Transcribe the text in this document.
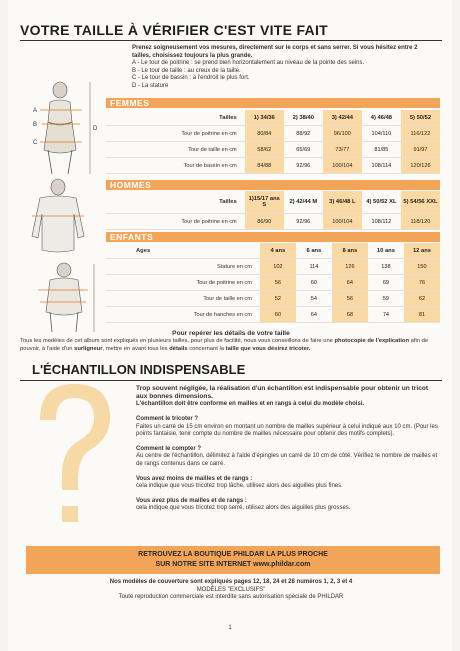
VOTRE TAILLE À VÉRIFIER C'EST VITE FAIT
Prenez soigneusement vos mesures, directement sur le corps et sans serrer. Si vous hésitez entre 2 tailles, choisissez toujours la plus grande.
A - Le tour de poitrine : se prend bien horizontalement au niveau de la pointe des seins.
B - Le tour de taille : au creux de la taille.
C - Le tour de bassin : à l'endroit le plus fort.
D - La stature
A
B
C
D
FEMMES
Tailles	1) 34/36	2) 38/40	3) 42/44	4) 46/48	5) 50/52
Tour de poitrine en cm	80/84	88/92	96/100	104/110	116/122
Tour de taille en cm	58/62	65/69	73/77	81/85	91/97
Tour de bassin en cm	84/88	92/96	100/104	108/114	120/126
HOMMES
Tailles	1)15/17 ans S	2) 42/44 M	3) 46/48 L	4) 50/52 XL	5) 54/56 XXL
Tour de poitrine en cm	86/90	92/96	100/104	108/112	118/120
ENFANTS
Ages	4 ans	6 ans	8 ans	10 ans	12 ans
Stature en cm	102	114	126	138	150
Tour de poitrine en cm	56	60	64	69	76
Tour de taille en cm	52	54	56	59	62
Tour de hanches en cm	60	64	68	74	81
Pour repérer les détails de votre taille
Tous les modèles de cet album sont expliqués en plusieurs tailles, pour plus de facilité, nous vous conseillons de faire une photocopie de l'explication afin de pouvoir, à l'aide d'un surligneur, mettre en avant tous les détails concernant la taille que vous désirez tricoter.
L'ÉCHANTILLON INDISPENSABLE
Trop souvent négligée, la réalisation d'un échantillon est indispensable pour obtenir un tricot aux bonnes dimensions.
L'échantillon doit être conforme en mailles et en rangs à celui du modèle choisi.
Comment le tricoter ?
Faites un carré de 15 cm environ en montant un nombre de mailles supérieur à celui indiqué aux 10 cm. (Pour les points fantaisie, tenir compte du nombre de mailles nécessaire pour obtenir des motifs complets).
Comment le compter ?
Au centre de l'échantillon, délimitez à l'aide d'épingles un carré de 10 cm de côté. Vérifiez le nombre de mailles et de rangs contenus dans ce carré.
Vous avez moins de mailles et de rangs :
cela indique que vous tricotez trop lâche, utilisez alors des aiguilles plus fines.
Vous avez plus de mailles et de rangs :
cela indique que vous tricotez trop serré, utilisez alors des aiguilles plus grosses.
RETROUVEZ LA BOUTIQUE PHILDAR LA PLUS PROCHE
SUR NOTRE SITE INTERNET www.phildar.com
Nos modèles de couverture sont expliqués pages 12, 18, 24 et 28 numéros 1, 2, 3 et 4
MODÈLES "EXCLUSIFS"
Toute reproduction commerciale est interdite sans autorisation spéciale de PHILDAR
1
